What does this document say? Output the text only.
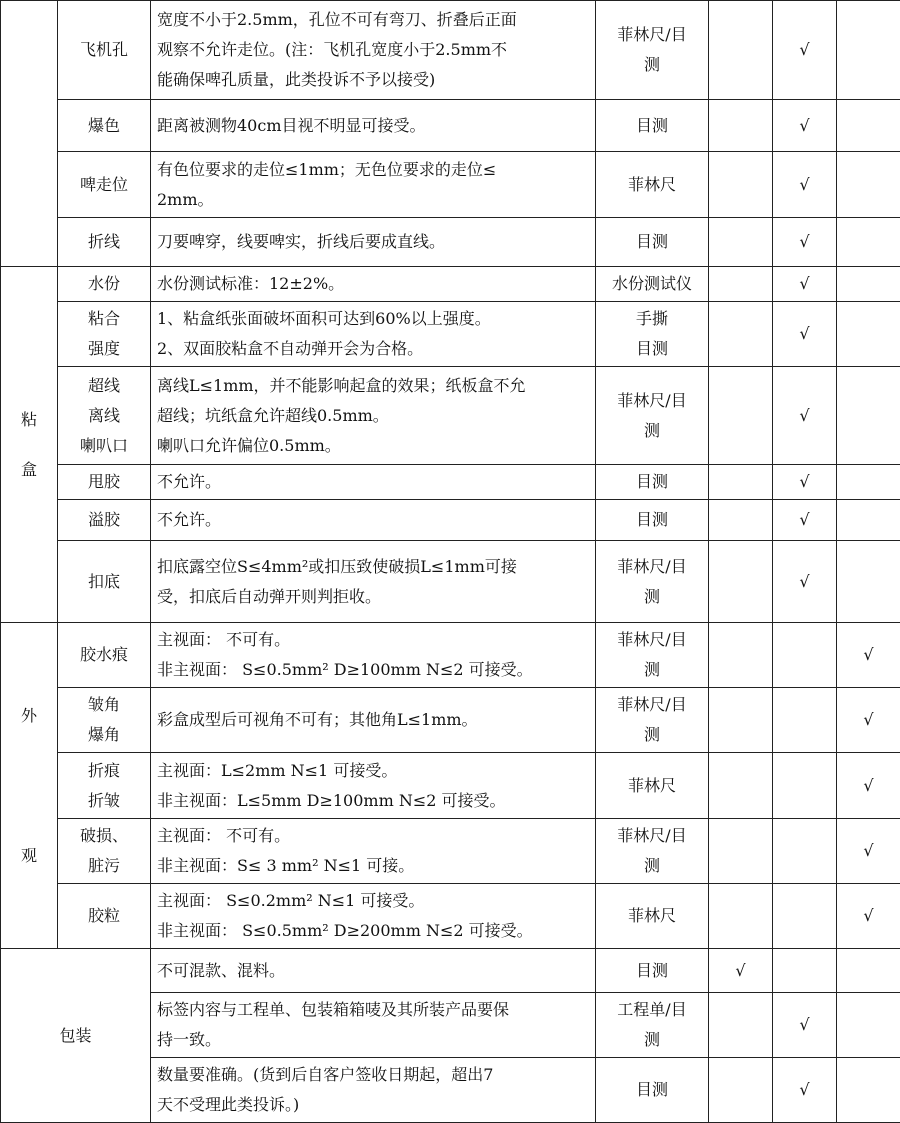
	飞机孔	宽度不小于2.5mm，孔位不可有弯刀、折叠后正面
观察不允许走位。(注：飞机孔宽度小于2.5mm不
能确保啤孔质量，此类投诉不予以接受)	菲林尺/目
测		√	

	爆色	距离被测物40cm目视不明显可接受。	目测		√	

	啤走位	有色位要求的走位≤1mm；无色位要求的走位≤
2mm。	菲林尺		√	

	折线	刀要啤穿，线要啤实，折线后要成直线。	目测		√	

粘
盒	水份	水份测试标准：12±2%。	水份测试仪		√	

	粘合
强度	1、粘盒纸张面破坏面积可达到60%以上强度。
2、双面胶粘盒不自动弹开会为合格。	手撕
目测		√	

	超线
离线
喇叭口	离线L≤1mm，并不能影响起盒的效果；纸板盒不允
超线；坑纸盒允许超线0.5mm。
喇叭口允许偏位0.5mm。	菲林尺/目
测		√	

	甩胶	不允许。	目测		√	

	溢胶	不允许。	目测		√	

	扣底	扣底露空位S≤4mm²或扣压致使破损L≤1mm可接
受，扣底后自动弹开则判拒收。	菲林尺/目
测		√	

外
观	胶水痕	主视面： 不可有。
非主视面： S≤0.5mm² D≥100mm N≤2 可接受。	菲林尺/目
测			√

	皱角
爆角	彩盒成型后可视角不可有；其他角L≤1mm。	菲林尺/目
测			√

	折痕
折皱	主视面：L≤2mm N≤1 可接受。
非主视面：L≤5mm D≥100mm N≤2 可接受。	菲林尺			√

	破损、
脏污	主视面： 不可有。
非主视面：S≤ 3 mm² N≤1 可接。	菲林尺/目
测			√

	胶粒	主视面： S≤0.2mm² N≤1 可接受。
非主视面： S≤0.5mm² D≥200mm N≤2 可接受。	菲林尺			√

包装		不可混款、混料。	目测	√		

		标签内容与工程单、包装箱箱唛及其所装产品要保
持一致。	工程单/目
测		√	

		数量要准确。(货到后自客户签收日期起，超出7
天不受理此类投诉。)	目测		√	
